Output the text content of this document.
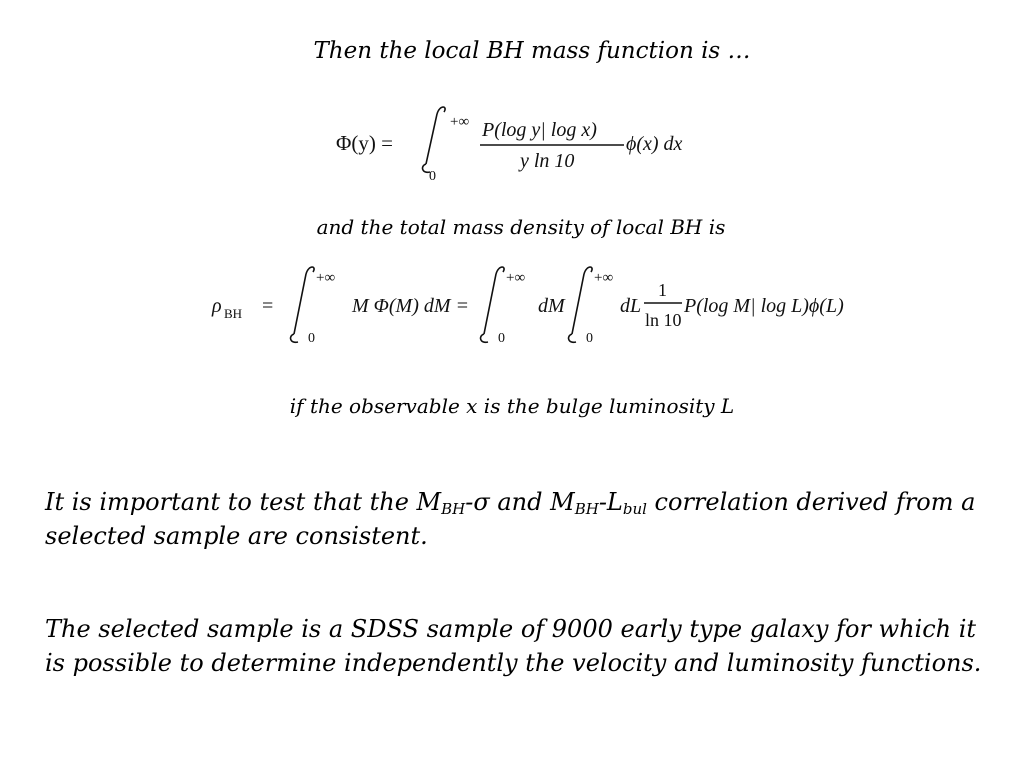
Then the local BH mass function is …
Φ(y) =
+∞
0
P(log y| log x)
y ln 10
ϕ(x) dx
and the total mass density of local BH is
ρ BH =
+∞
0
M Φ(M) dM =
+∞
0
dM
+∞
0
dL
1
ln 10
P(log M| log L)ϕ(L)
if the observable x is the bulge luminosity L
It is important to test that the $M_{BH}-\sigma$ and $M_{BH}-L_{bul}$ correlation derived from a selected sample are consistent.
The selected sample is a SDSS sample of 9000 early type galaxy for which it is possible to determine independently the velocity and luminosity functions.
